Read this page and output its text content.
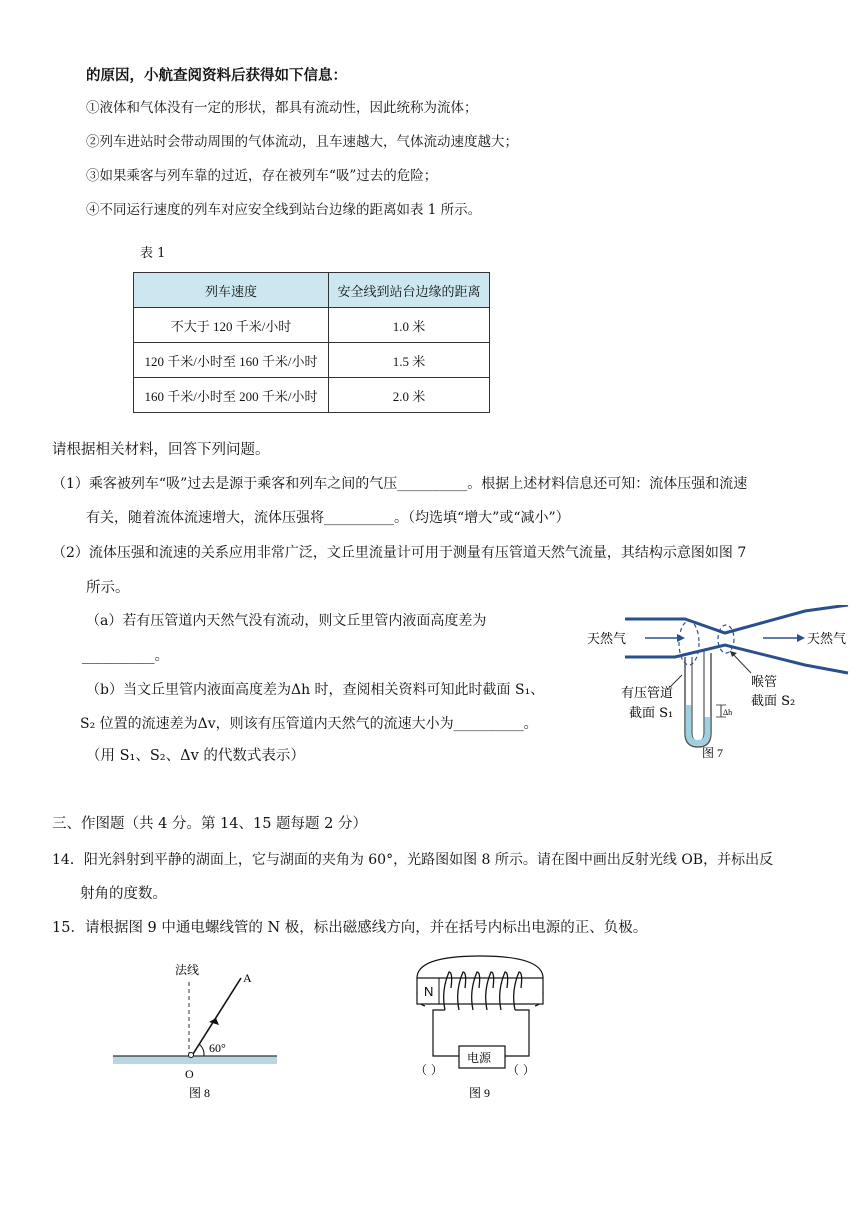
的原因，小航查阅资料后获得如下信息：
①液体和气体没有一定的形状，都具有流动性，因此统称为流体；
②列车进站时会带动周围的气体流动，且车速越大，气体流动速度越大；
③如果乘客与列车靠的过近，存在被列车“吸”过去的危险；
④不同运行速度的列车对应安全线到站台边缘的距离如表 1 所示。
表 1
列车速度	安全线到站台边缘的距离
不大于 120 千米/小时	1.0 米
120 千米/小时至 160 千米/小时	1.5 米
160 千米/小时至 200 千米/小时	2.0 米
请根据相关材料，回答下列问题。
（1）乘客被列车“吸”过去是源于乘客和列车之间的气压__________。根据上述材料信息还可知：流体压强和流速
有关，随着流体流速增大，流体压强将__________。（均选填“增大”或“减小”）
（2）流体压强和流速的关系应用非常广泛，文丘里流量计可用于测量有压管道天然气流量，其结构示意图如图 7
所示。
（a）若有压管道内天然气没有流动，则文丘里管内液面高度差为
__________。
（b）当文丘里管内液面高度差为Δh 时，查阅相关资料可知此时截面 S₁、
S₂ 位置的流速差为Δv，则该有压管道内天然气的流速大小为__________。
（用 S₁、S₂、Δv 的代数式表示）
天然气	天然气
喉管
截面 S₂
有压管道
截面 S₁	Δh
图 7
三、作图题（共 4 分。第 14、15 题每题 2 分）
14．阳光斜射到平静的湖面上，它与湖面的夹角为 60°，光路图如图 8 所示。请在图中画出反射光线 OB，并标出反
射角的度数。
15．请根据图 9 中通电螺线管的 N 极，标出磁感线方向，并在括号内标出电源的正、负极。
法线
A
60°
O
图 8
N
电源
（ ）	（ ）
图 9
